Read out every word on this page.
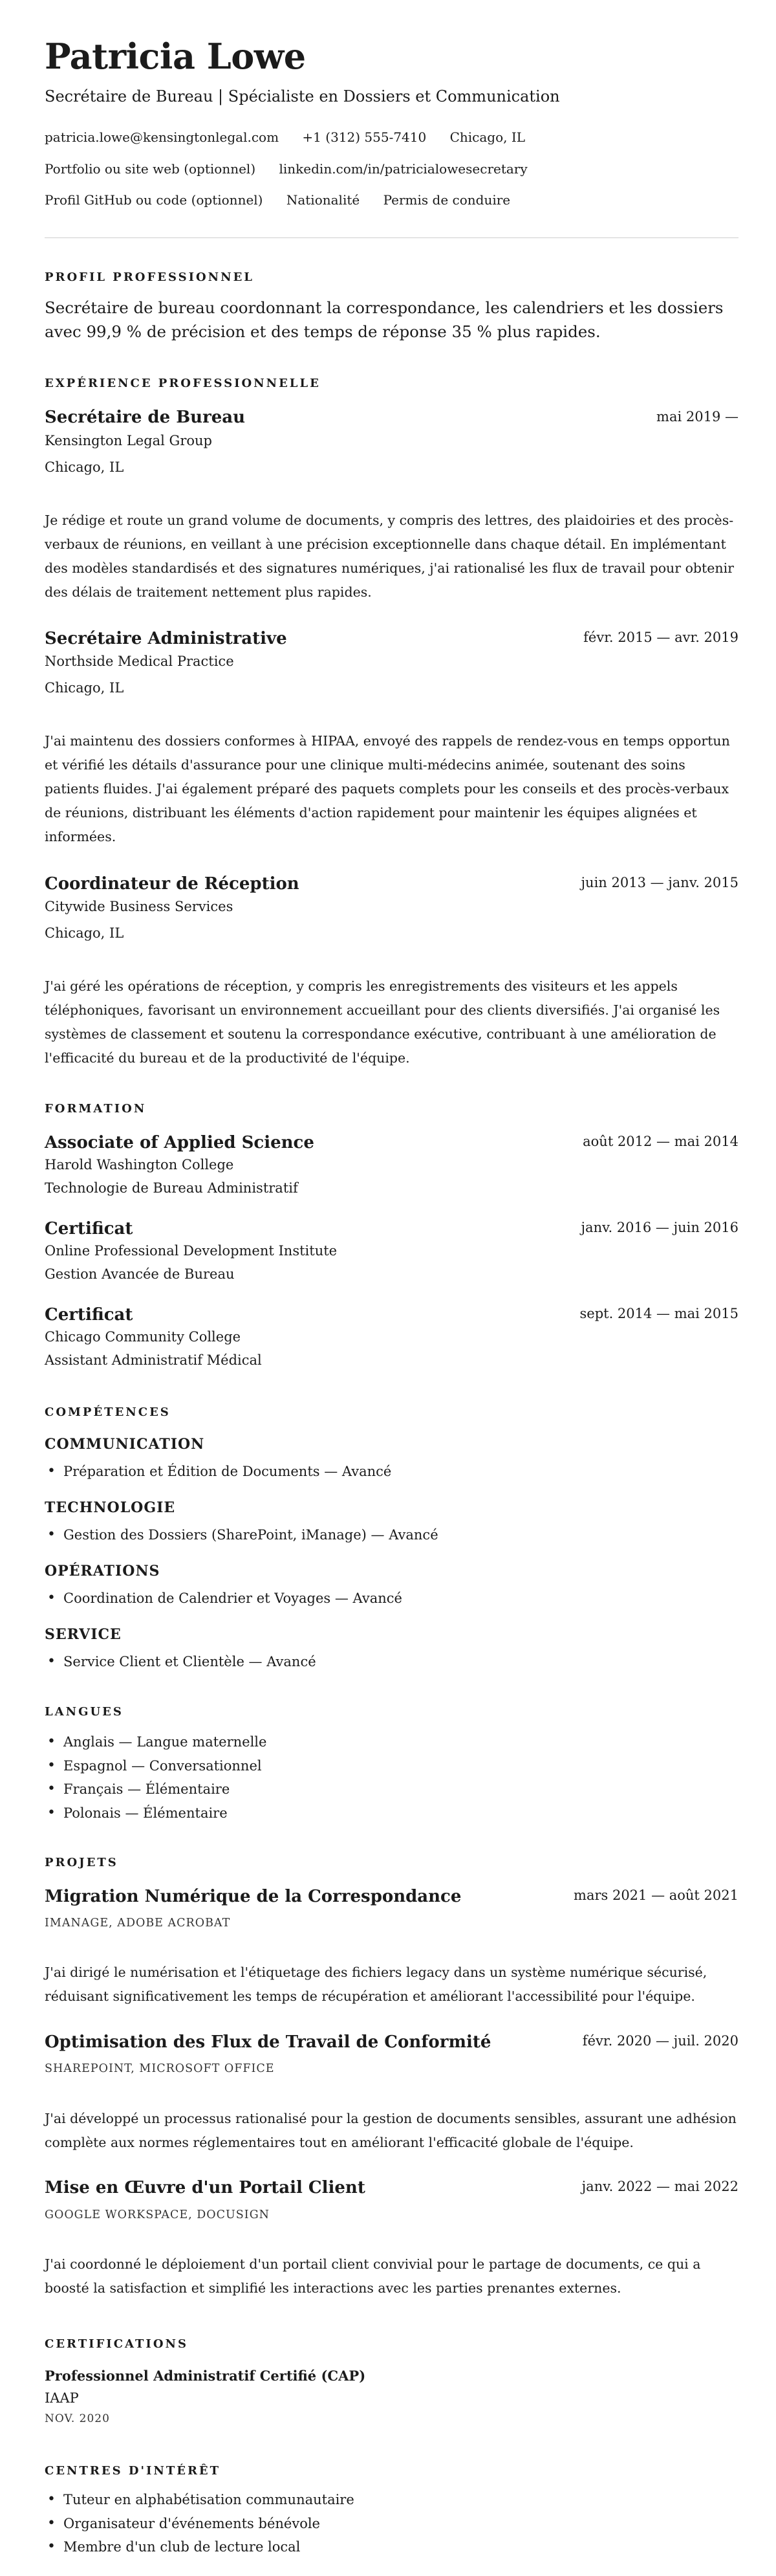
Patricia Lowe

Secrétaire de Bureau | Spécialiste en Dossiers et Communication

patricia.lowe@kensingtonlegal.com +1 (312) 555-7410 Chicago, IL
Portfolio ou site web (optionnel) linkedin.com/in/patricialowesecretary
Profil GitHub ou code (optionnel) Nationalité Permis de conduire
PROFIL PROFESSIONNEL

Secrétaire de bureau coordonnant la correspondance, les calendriers et les dossiers avec 99,9 % de précision et des temps de réponse 35 % plus rapides.

EXPÉRIENCE PROFESSIONNELLE
Secrétaire de Bureau	mai 2019 —
Kensington Legal Group
Chicago, IL

Je rédige et route un grand volume de documents, y compris des lettres, des plaidoiries et des procès-verbaux de réunions, en veillant à une précision exceptionnelle dans chaque détail. En implémentant des modèles standardisés et des signatures numériques, j'ai rationalisé les flux de travail pour obtenir des délais de traitement nettement plus rapides.

Secrétaire Administrative	févr. 2015 — avr. 2019
Northside Medical Practice
Chicago, IL

J'ai maintenu des dossiers conformes à HIPAA, envoyé des rappels de rendez-vous en temps opportun et vérifié les détails d'assurance pour une clinique multi-médecins animée, soutenant des soins patients fluides. J'ai également préparé des paquets complets pour les conseils et des procès-verbaux de réunions, distribuant les éléments d'action rapidement pour maintenir les équipes alignées et informées.

Coordinateur de Réception	juin 2013 — janv. 2015
Citywide Business Services
Chicago, IL

J'ai géré les opérations de réception, y compris les enregistrements des visiteurs et les appels téléphoniques, favorisant un environnement accueillant pour des clients diversifiés. J'ai organisé les systèmes de classement et soutenu la correspondance exécutive, contribuant à une amélioration de l'efficacité du bureau et de la productivité de l'équipe.

FORMATION
Associate of Applied Science	août 2012 — mai 2014
Harold Washington College
Technologie de Bureau Administratif
Certificat	janv. 2016 — juin 2016
Online Professional Development Institute
Gestion Avancée de Bureau
Certificat	sept. 2014 — mai 2015
Chicago Community College
Assistant Administratif Médical
COMPÉTENCES
COMMUNICATION
• Préparation et Édition de Documents — Avancé
TECHNOLOGIE
• Gestion des Dossiers (SharePoint, iManage) — Avancé
OPÉRATIONS
• Coordination de Calendrier et Voyages — Avancé
SERVICE
• Service Client et Clientèle — Avancé
LANGUES
• Anglais — Langue maternelle
• Espagnol — Conversationnel
• Français — Élémentaire
• Polonais — Élémentaire
PROJETS
Migration Numérique de la Correspondance	mars 2021 — août 2021
IMANAGE, ADOBE ACROBAT

J'ai dirigé le numérisation et l'étiquetage des fichiers legacy dans un système numérique sécurisé, réduisant significativement les temps de récupération et améliorant l'accessibilité pour l'équipe.

Optimisation des Flux de Travail de Conformité	févr. 2020 — juil. 2020
SHAREPOINT, MICROSOFT OFFICE

J'ai développé un processus rationalisé pour la gestion de documents sensibles, assurant une adhésion complète aux normes réglementaires tout en améliorant l'efficacité globale de l'équipe.

Mise en Œuvre d'un Portail Client	janv. 2022 — mai 2022
GOOGLE WORKSPACE, DOCUSIGN

J'ai coordonné le déploiement d'un portail client convivial pour le partage de documents, ce qui a boosté la satisfaction et simplifié les interactions avec les parties prenantes externes.

CERTIFICATIONS
Professionnel Administratif Certifié (CAP)
IAAP
NOV. 2020
CENTRES D'INTÉRÊT
• Tuteur en alphabétisation communautaire
• Organisateur d'événements bénévole
• Membre d'un club de lecture local
